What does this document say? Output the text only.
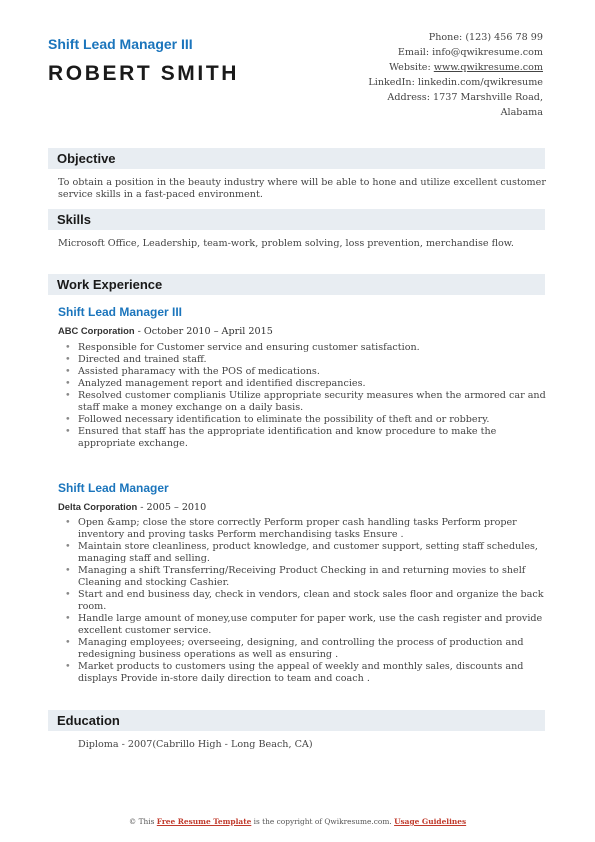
Shift Lead Manager III
ROBERT SMITH
Phone: (123) 456 78 99
Email: info@qwikresume.com
Website: www.qwikresume.com
LinkedIn: linkedin.com/qwikresume
Address: 1737 Marshville Road,
Alabama
Objective
To obtain a position in the beauty industry where will be able to hone and utilize excellent customer service skills in a fast-paced environment.
Skills
Microsoft Office, Leadership, team-work, problem solving, loss prevention, merchandise flow.
Work Experience
Shift Lead Manager III
ABC Corporation - October 2010 – April 2015
• Responsible for Customer service and ensuring customer satisfaction.
• Directed and trained staff.
• Assisted pharamacy with the POS of medications.
• Analyzed management report and identified discrepancies.
• Resolved customer complianis Utilize appropriate security measures when the armored car and staff make a money exchange on a daily basis.
• Followed necessary identification to eliminate the possibility of theft and or robbery.
• Ensured that staff has the appropriate identification and know procedure to make the appropriate exchange.
Shift Lead Manager
Delta Corporation - 2005 – 2010
• Open &amp; close the store correctly Perform proper cash handling tasks Perform proper inventory and proving tasks Perform merchandising tasks Ensure .
• Maintain store cleanliness, product knowledge, and customer support, setting staff schedules, managing staff and selling.
• Managing a shift Transferring/Receiving Product Checking in and returning movies to shelf Cleaning and stocking Cashier.
• Start and end business day, check in vendors, clean and stock sales floor and organize the back room.
• Handle large amount of money,use computer for paper work, use the cash register and provide excellent customer service.
• Managing employees; overseeing, designing, and controlling the process of production and redesigning business operations as well as ensuring .
• Market products to customers using the appeal of weekly and monthly sales, discounts and displays Provide in-store daily direction to team and coach .
Education
Diploma - 2007(Cabrillo High - Long Beach, CA)
© This Free Resume Template is the copyright of Qwikresume.com. Usage Guidelines
